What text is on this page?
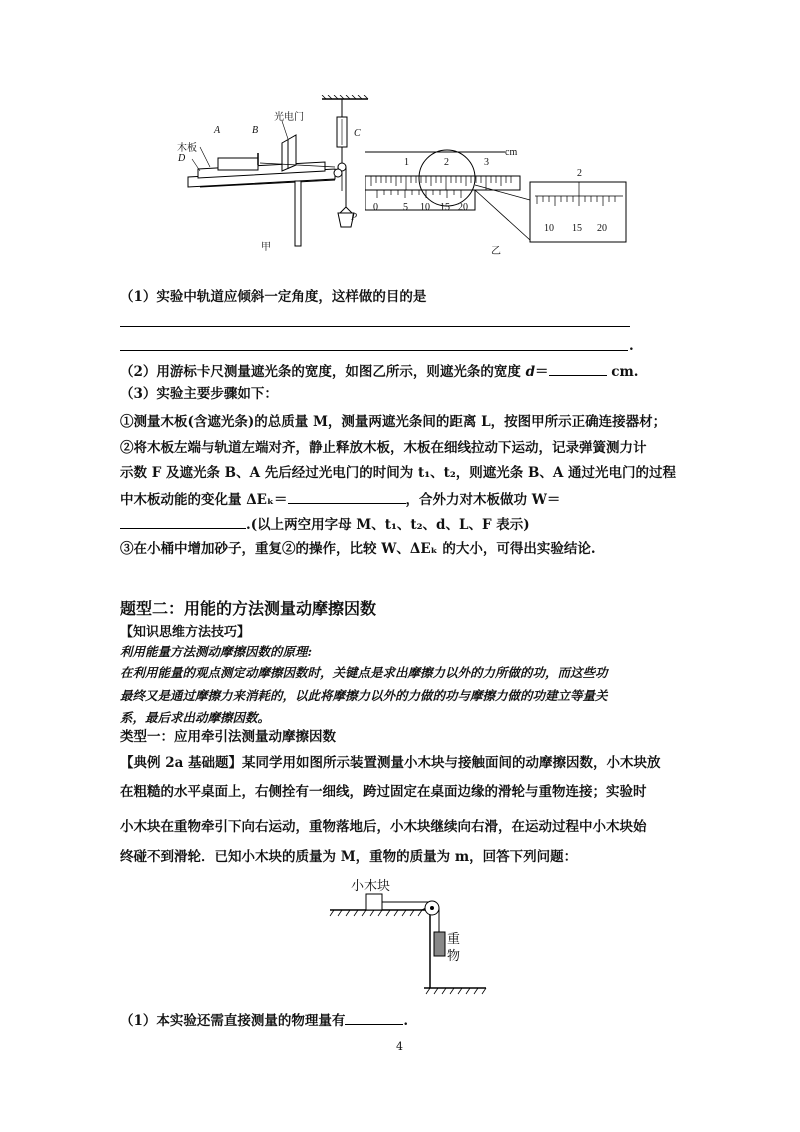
木板
A	B
D
光电门
C
P
甲
cm
1	2	3
0	5 10 15 20
2
10 15 20
乙
（1）实验中轨道应倾斜一定角度，这样做的目的是
.
（2）用游标卡尺测量遮光条的宽度，如图乙所示，则遮光条的宽度 d＝	cm.
（3）实验主要步骤如下：
①测量木板(含遮光条)的总质量 M，测量两遮光条间的距离 L，按图甲所示正确连接器材；
②将木板左端与轨道左端对齐，静止释放木板，木板在细线拉动下运动，记录弹簧测力计
示数 F 及遮光条 B、A 先后经过光电门的时间为 t₁、t₂，则遮光条 B、A 通过光电门的过程
中木板动能的变化量 ΔEₖ＝	，合外力对木板做功 W＝
.(以上两空用字母 M、t₁、t₂、d、L、F 表示)
③在小桶中增加砂子，重复②的操作，比较 W、ΔEₖ 的大小，可得出实验结论.
题型二：用能的方法测量动摩擦因数
【知识思维方法技巧】
利用能量方法测动摩擦因数的原理:
在利用能量的观点测定动摩擦因数时，关键点是求出摩擦力以外的力所做的功，而这些功
最终又是通过摩擦力来消耗的，以此将摩擦力以外的力做的功与摩擦力做的功建立等量关
系，最后求出动摩擦因数。
类型一：应用牵引法测量动摩擦因数
【典例 2a 基础题】某同学用如图所示装置测量小木块与接触面间的动摩擦因数，小木块放
在粗糙的水平桌面上，右侧拴有一细线，跨过固定在桌面边缘的滑轮与重物连接；实验时
小木块在重物牵引下向右运动，重物落地后，小木块继续向右滑，在运动过程中小木块始
终碰不到滑轮．已知小木块的质量为 M，重物的质量为 m，回答下列问题：
小木块
重
物
（1）本实验还需直接测量的物理量有	.
4
